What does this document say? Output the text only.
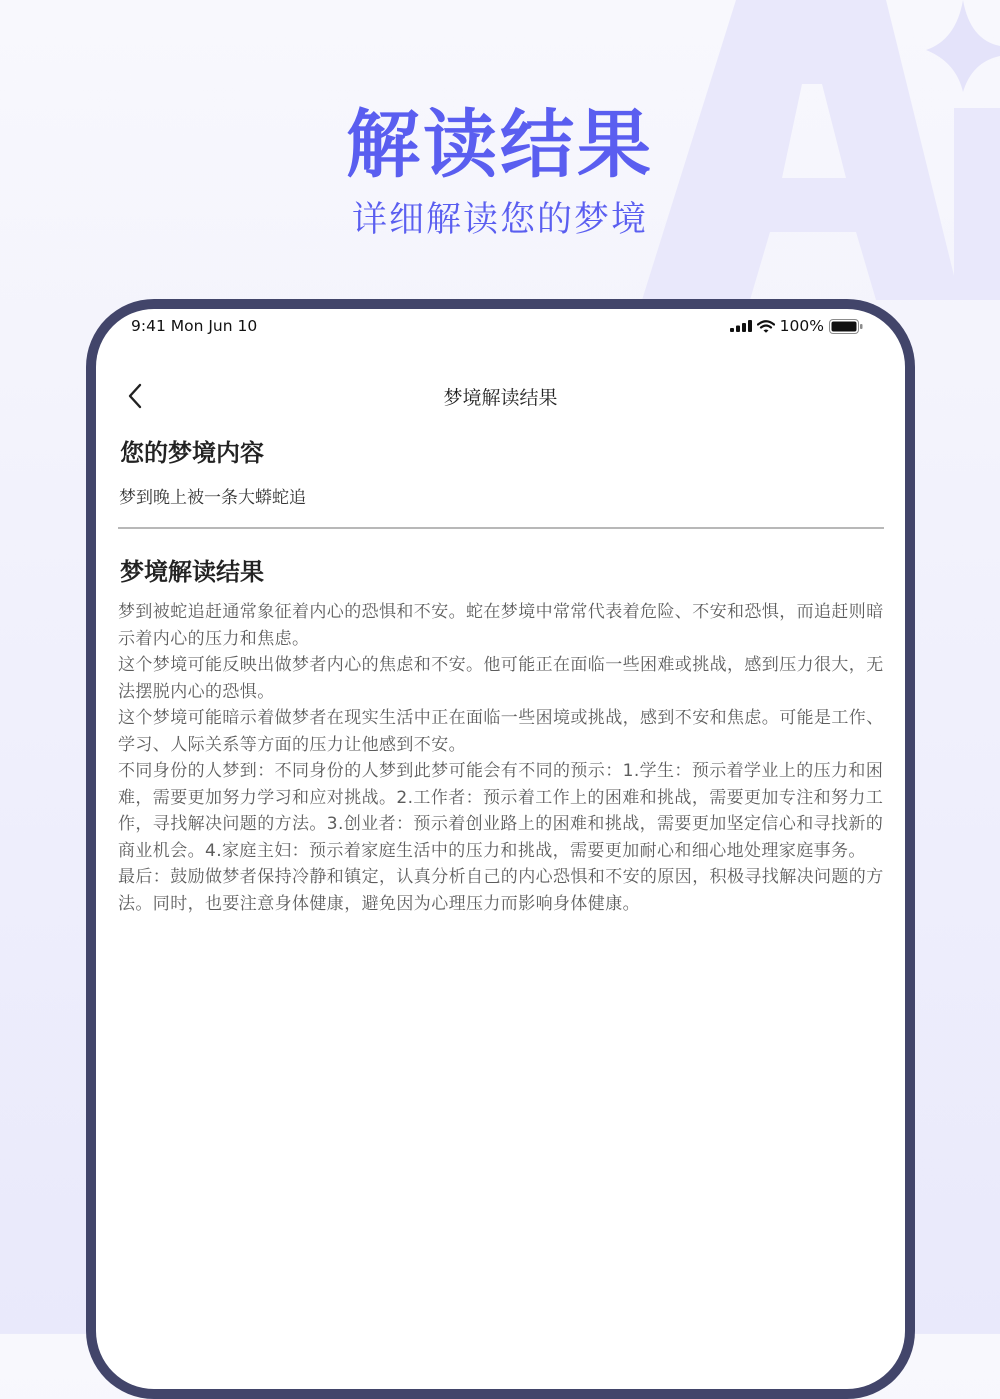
解读结果
详细解读您的梦境
9:41 Mon Jun 10	100%
梦境解读结果
您的梦境内容
梦到晚上被一条大蟒蛇追
梦境解读结果

梦到被蛇追赶通常象征着内心的恐惧和不安。蛇在梦境中常常代表着危险、不安和恐惧，而追赶则暗示着内心的压力和焦虑。

这个梦境可能反映出做梦者内心的焦虑和不安。他可能正在面临一些困难或挑战，感到压力很大，无法摆脱内心的恐惧。

这个梦境可能暗示着做梦者在现实生活中正在面临一些困境或挑战，感到不安和焦虑。可能是工作、学习、人际关系等方面的压力让他感到不安。

不同身份的人梦到：不同身份的人梦到此梦可能会有不同的预示：1.学生：预示着学业上的压力和困难，需要更加努力学习和应对挑战。2.工作者：预示着工作上的困难和挑战，需要更加专注和努力工作，寻找解决问题的方法。3.创业者：预示着创业路上的困难和挑战，需要更加坚定信心和寻找新的商业机会。4.家庭主妇：预示着家庭生活中的压力和挑战，需要更加耐心和细心地处理家庭事务。

最后：鼓励做梦者保持冷静和镇定，认真分析自己的内心恐惧和不安的原因，积极寻找解决问题的方法。同时，也要注意身体健康，避免因为心理压力而影响身体健康。
